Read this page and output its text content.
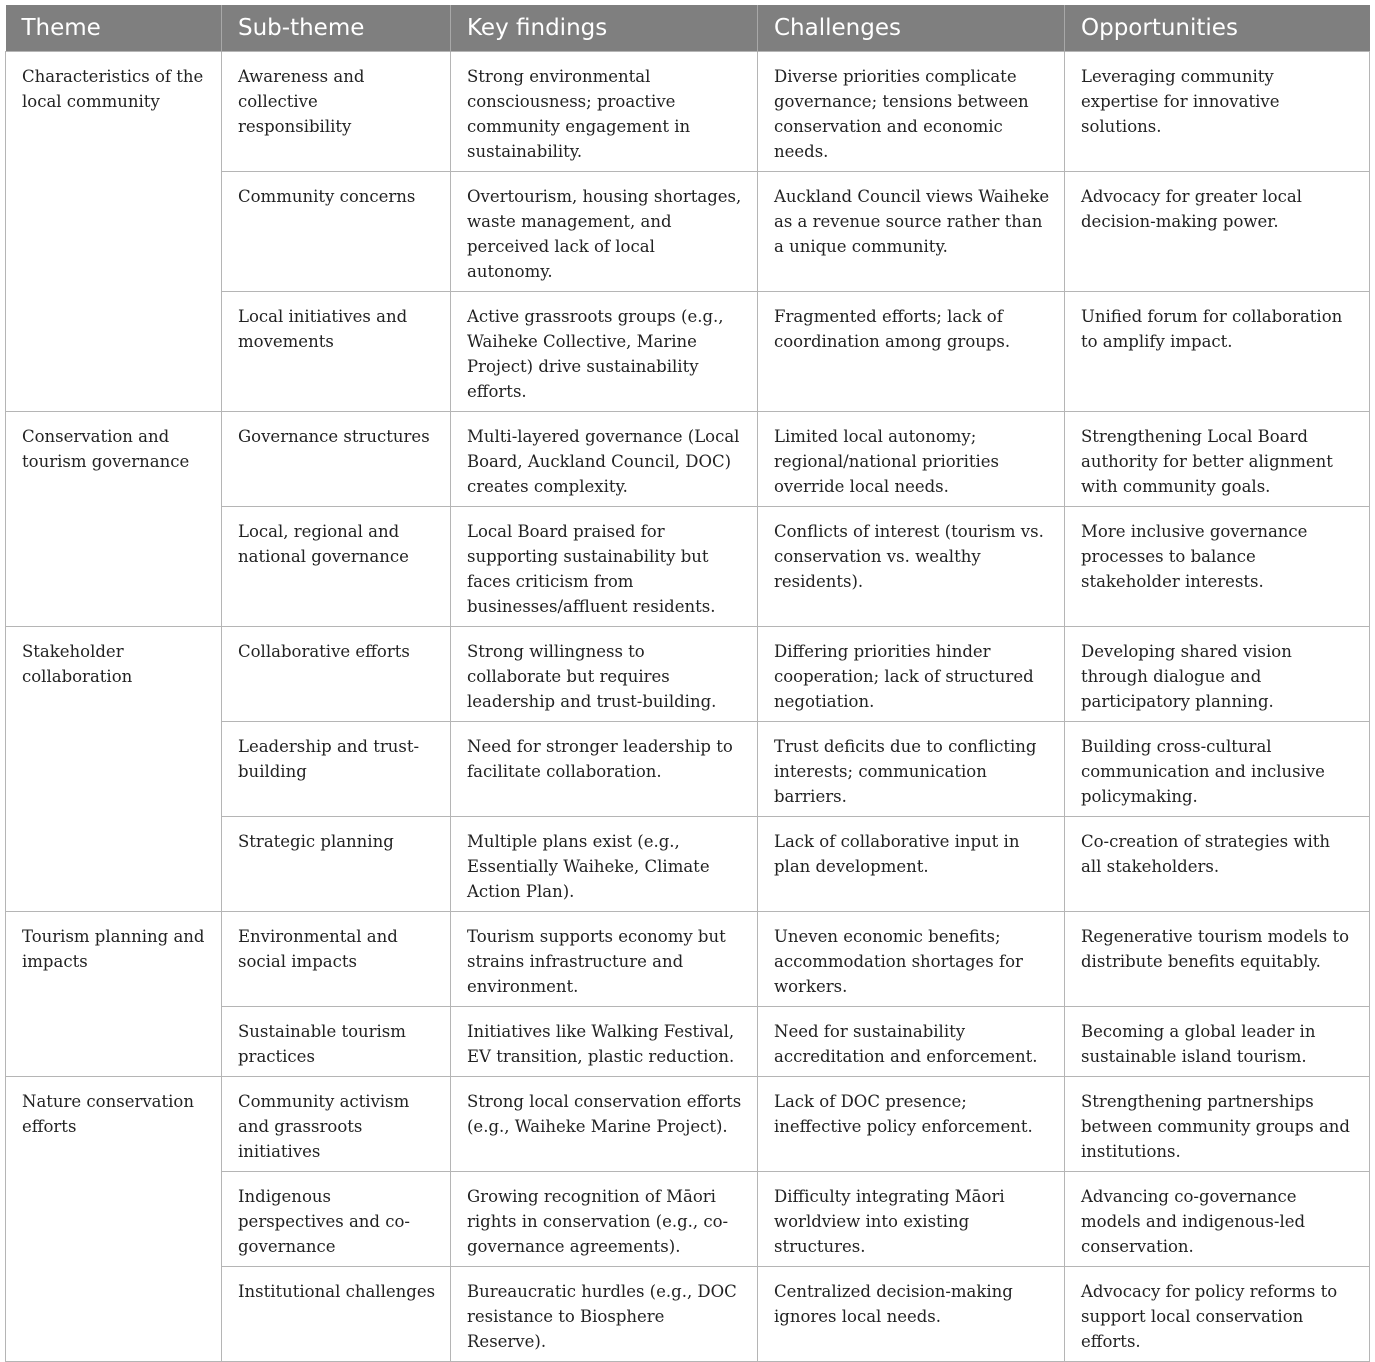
Theme	Sub-theme	Key findings	Challenges	Opportunities
Characteristics of the local community	Awareness and collective responsibility	Strong environmental consciousness; proactive community engagement in sustainability.	Diverse priorities complicate governance; tensions between conservation and economic needs.	Leveraging community expertise for innovative solutions.
	Community concerns	Overtourism, housing shortages, waste management, and perceived lack of local autonomy.	Auckland Council views Waiheke as a revenue source rather than a unique community.	Advocacy for greater local decision-making power.
	Local initiatives and movements	Active grassroots groups (e.g., Waiheke Collective, Marine Project) drive sustainability efforts.	Fragmented efforts; lack of coordination among groups.	Unified forum for collaboration to amplify impact.
Conservation and tourism governance	Governance structures	Multi-layered governance (Local Board, Auckland Council, DOC) creates complexity.	Limited local autonomy; regional/national priorities override local needs.	Strengthening Local Board authority for better alignment with community goals.
	Local, regional and national governance	Local Board praised for supporting sustainability but faces criticism from businesses/affluent residents.	Conflicts of interest (tourism vs. conservation vs. wealthy residents).	More inclusive governance processes to balance stakeholder interests.
Stakeholder collaboration	Collaborative efforts	Strong willingness to collaborate but requires leadership and trust-building.	Differing priorities hinder cooperation; lack of structured negotiation.	Developing shared vision through dialogue and participatory planning.
	Leadership and trust-building	Need for stronger leadership to facilitate collaboration.	Trust deficits due to conflicting interests; communication barriers.	Building cross-cultural communication and inclusive policymaking.
	Strategic planning	Multiple plans exist (e.g., Essentially Waiheke, Climate Action Plan).	Lack of collaborative input in plan development.	Co-creation of strategies with all stakeholders.
Tourism planning and impacts	Environmental and social impacts	Tourism supports economy but strains infrastructure and environment.	Uneven economic benefits; accommodation shortages for workers.	Regenerative tourism models to distribute benefits equitably.
	Sustainable tourism practices	Initiatives like Walking Festival, EV transition, plastic reduction.	Need for sustainability accreditation and enforcement.	Becoming a global leader in sustainable island tourism.
Nature conservation efforts	Community activism and grassroots initiatives	Strong local conservation efforts (e.g., Waiheke Marine Project).	Lack of DOC presence; ineffective policy enforcement.	Strengthening partnerships between community groups and institutions.
	Indigenous perspectives and co-governance	Growing recognition of Māori rights in conservation (e.g., co-governance agreements).	Difficulty integrating Māori worldview into existing structures.	Advancing co-governance models and indigenous-led conservation.
	Institutional challenges	Bureaucratic hurdles (e.g., DOC resistance to Biosphere Reserve).	Centralized decision-making ignores local needs.	Advocacy for policy reforms to support local conservation efforts.
